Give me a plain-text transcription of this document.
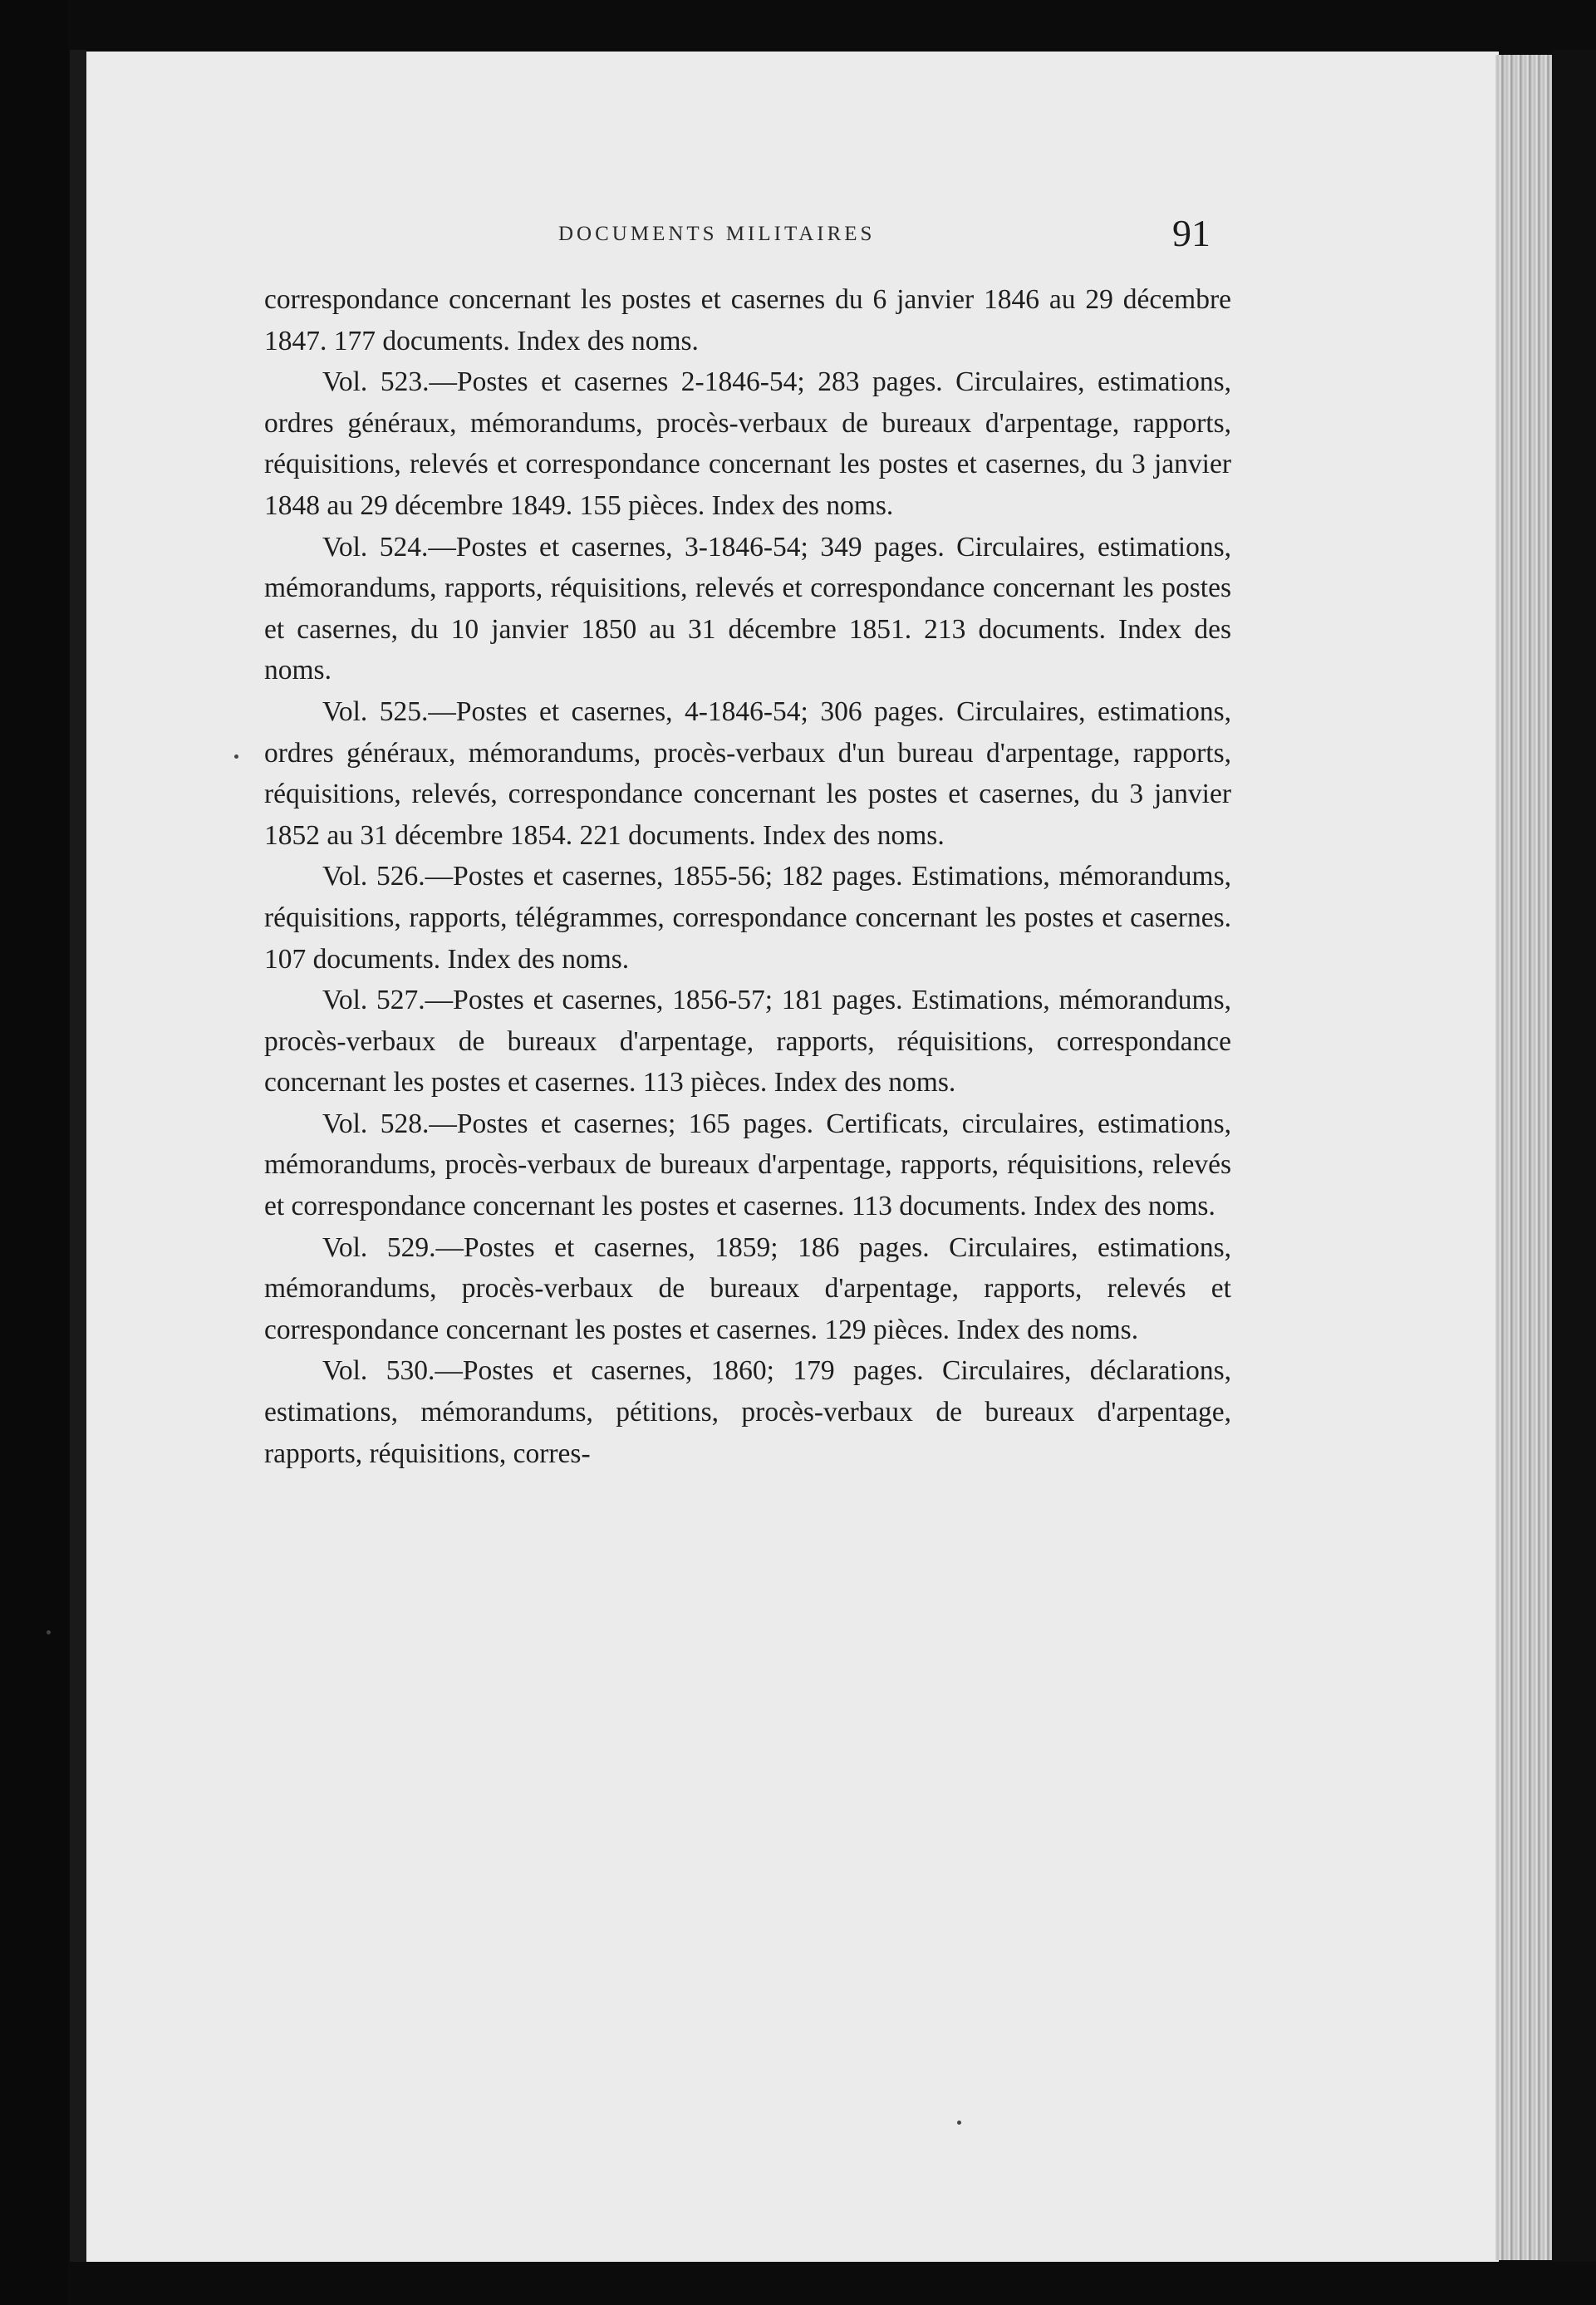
DOCUMENTS MILITAIRES	91

correspondance concernant les postes et casernes du 6 janvier 1846 au 29 décembre 1847. 177 documents. Index des noms.

Vol. 523.—Postes et casernes 2-1846-54; 283 pages. Circulaires, estimations, ordres généraux, mémorandums, procès-verbaux de bureaux d'arpentage, rapports, réquisitions, relevés et correspondance concernant les postes et casernes, du 3 janvier 1848 au 29 décembre 1849. 155 pièces. Index des noms.

Vol. 524.—Postes et casernes, 3-1846-54; 349 pages. Circulaires, estimations, mémorandums, rapports, réquisitions, relevés et correspondance concernant les postes et casernes, du 10 janvier 1850 au 31 décembre 1851. 213 documents. Index des noms.

Vol. 525.—Postes et casernes, 4-1846-54; 306 pages. Circulaires, estimations, ordres généraux, mémorandums, procès-verbaux d'un bureau d'arpentage, rapports, réquisitions, relevés, correspondance concernant les postes et casernes, du 3 janvier 1852 au 31 décembre 1854. 221 documents. Index des noms.

Vol. 526.—Postes et casernes, 1855-56; 182 pages. Estimations, mémorandums, réquisitions, rapports, télégrammes, correspondance concernant les postes et casernes. 107 documents. Index des noms.

Vol. 527.—Postes et casernes, 1856-57; 181 pages. Estimations, mémorandums, procès-verbaux de bureaux d'arpentage, rapports, réquisitions, correspondance concernant les postes et casernes. 113 pièces. Index des noms.

Vol. 528.—Postes et casernes; 165 pages. Certificats, circulaires, estimations, mémorandums, procès-verbaux de bureaux d'arpentage, rapports, réquisitions, relevés et correspondance concernant les postes et casernes. 113 documents. Index des noms.

Vol. 529.—Postes et casernes, 1859; 186 pages. Circulaires, estimations, mémorandums, procès-verbaux de bureaux d'arpentage, rapports, relevés et correspondance concernant les postes et casernes. 129 pièces. Index des noms.

Vol. 530.—Postes et casernes, 1860; 179 pages. Circulaires, déclarations, estimations, mémorandums, pétitions, procès-verbaux de bureaux d'arpentage, rapports, réquisitions, corres-
